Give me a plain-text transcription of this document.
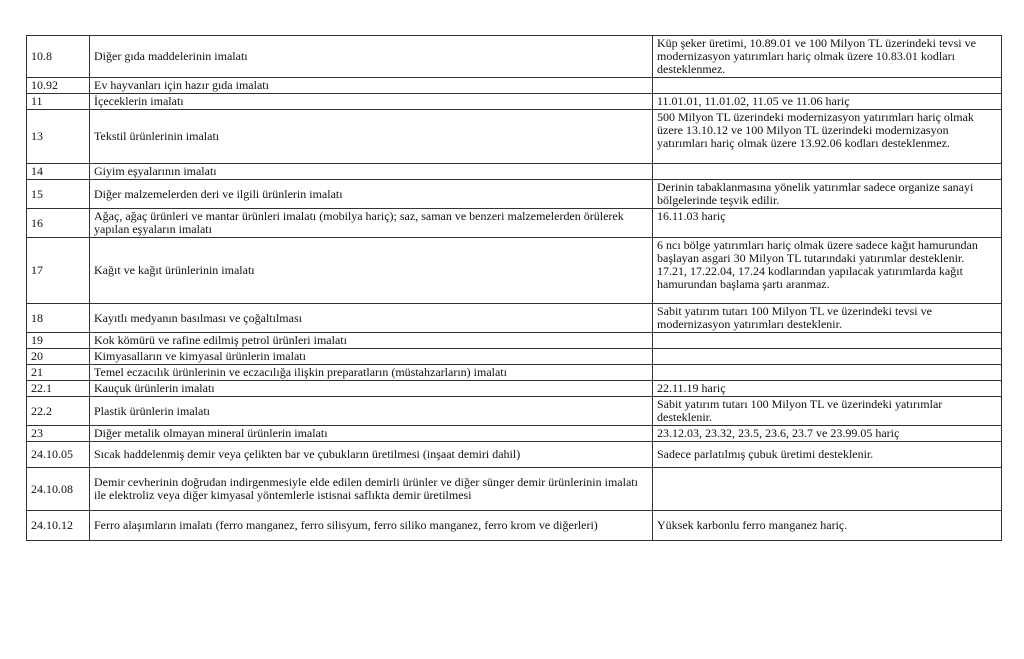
10.8	Diğer gıda maddelerinin imalatı	Küp şeker üretimi, 10.89.01 ve 100 Milyon TL üzerindeki tevsi ve modernizasyon yatırımları hariç olmak üzere 10.83.01 kodları desteklenmez.
10.92	Ev hayvanları için hazır gıda imalatı	
11	İçeceklerin imalatı	11.01.01, 11.01.02, 11.05 ve 11.06 hariç
13	Tekstil ürünlerinin imalatı	500 Milyon TL üzerindeki modernizasyon yatırımları hariç olmak üzere 13.10.12 ve 100 Milyon TL üzerindeki modernizasyon yatırımları hariç olmak üzere 13.92.06 kodları desteklenmez.
14	Giyim eşyalarının imalatı	
15	Diğer malzemelerden deri ve ilgili ürünlerin imalatı	Derinin tabaklanmasına yönelik yatırımlar sadece organize sanayi bölgelerinde teşvik edilir.
16	Ağaç, ağaç ürünleri ve mantar ürünleri imalatı (mobilya hariç); saz, saman ve benzeri malzemelerden örülerek yapılan eşyaların imalatı	16.11.03 hariç
17	Kağıt ve kağıt ürünlerinin imalatı	6 ncı bölge yatırımları hariç olmak üzere sadece kağıt hamurundan başlayan asgari 30 Milyon TL tutarındaki yatırımlar desteklenir. 17.21, 17.22.04, 17.24 kodlarından yapılacak yatırımlarda kağıt hamurundan başlama şartı aranmaz.
18	Kayıtlı medyanın basılması ve çoğaltılması	Sabit yatırım tutarı 100 Milyon TL ve üzerindeki tevsi ve modernizasyon yatırımları desteklenir.
19	Kok kömürü ve rafine edilmiş petrol ürünleri imalatı	
20	Kimyasalların ve kimyasal ürünlerin imalatı	
21	Temel eczacılık ürünlerinin ve eczacılığa ilişkin preparatların (müstahzarların) imalatı	
22.1	Kauçuk ürünlerin imalatı	22.11.19 hariç
22.2	Plastik ürünlerin imalatı	Sabit yatırım tutarı 100 Milyon TL ve üzerindeki yatırımlar desteklenir.
23	Diğer metalik olmayan mineral ürünlerin imalatı	23.12.03, 23.32, 23.5, 23.6, 23.7 ve 23.99.05 hariç
24.10.05	Sıcak haddelenmiş demir veya çelikten bar ve çubukların üretilmesi (inşaat demiri dahil)	Sadece parlatılmış çubuk üretimi desteklenir.
24.10.08	Demir cevherinin doğrudan indirgenmesiyle elde edilen demirli ürünler ve diğer sünger demir ürünlerinin imalatı ile elektroliz veya diğer kimyasal yöntemlerle istisnai saflıkta demir üretilmesi	
24.10.12	Ferro alaşımların imalatı (ferro manganez, ferro silisyum, ferro siliko manganez, ferro krom ve diğerleri)	Yüksek karbonlu ferro manganez hariç.
